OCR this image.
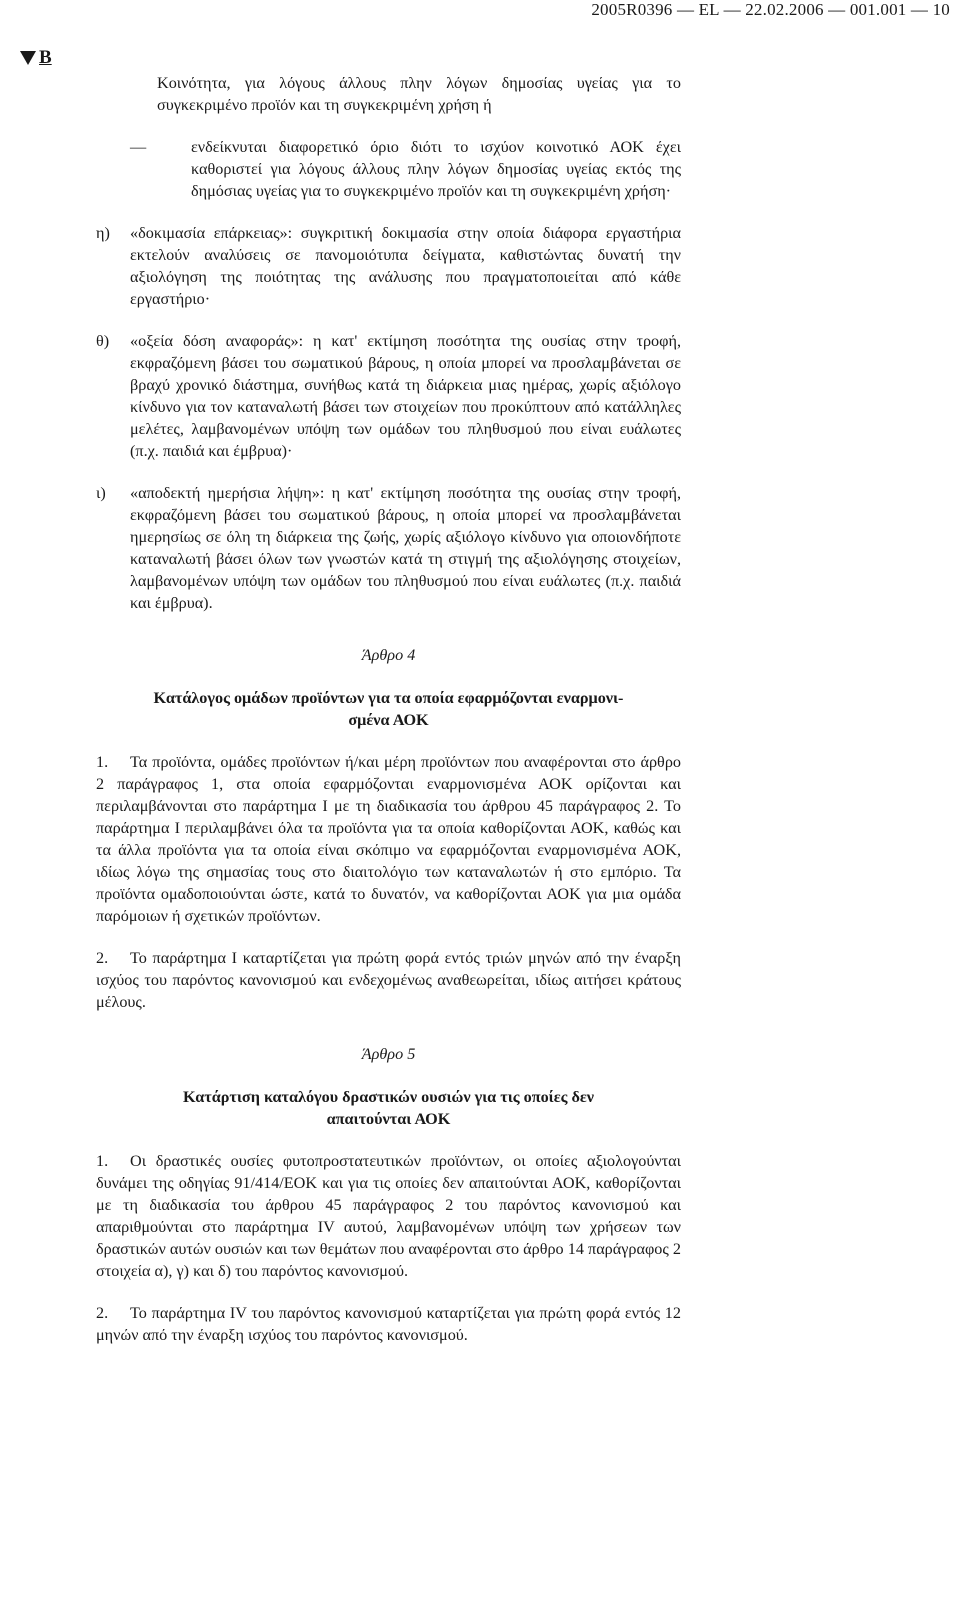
2005R0396 — EL — 22.02.2006 — 001.001 — 10
B

Κοινότητα, για λόγους άλλους πλην λόγων δημοσίας υγείας για το συγκεκριμένο προϊόν και τη συγκεκριμένη χρήση ή

—	ενδείκνυται διαφορετικό όριο διότι το ισχύον κοινοτικό ΑΟΚ έχει καθοριστεί για λόγους άλλους πλην λόγων δημοσίας υγείας εκτός της δημόσιας υγείας για το συγκεκριμένο προϊόν και τη συγκεκριμένη χρήση·
η)	«δοκιμασία επάρκειας»: συγκριτική δοκιμασία στην οποία διάφορα εργαστήρια εκτελούν αναλύσεις σε πανομοιότυπα δείγματα, καθιστώντας δυνατή την αξιολόγηση της ποιότητας της ανάλυσης που πραγματοποιείται από κάθε εργαστήριο·
θ)	«οξεία δόση αναφοράς»: η κατ' εκτίμηση ποσότητα της ουσίας στην τροφή, εκφραζόμενη βάσει του σωματικού βάρους, η οποία μπορεί να προσλαμβάνεται σε βραχύ χρονικό διάστημα, συνήθως κατά τη διάρκεια μιας ημέρας, χωρίς αξιόλογο κίνδυνο για τον καταναλωτή βάσει των στοιχείων που προκύπτουν από κατάλληλες μελέτες, λαμβανομένων υπόψη των ομάδων του πληθυσμού που είναι ευάλωτες (π.χ. παιδιά και έμβρυα)·
ι)	«αποδεκτή ημερήσια λήψη»: η κατ' εκτίμηση ποσότητα της ουσίας στην τροφή, εκφραζόμενη βάσει του σωματικού βάρους, η οποία μπορεί να προσλαμβάνεται ημερησίως σε όλη τη διάρκεια της ζωής, χωρίς αξιόλογο κίνδυνο για οποιονδήποτε καταναλωτή βάσει όλων των γνωστών κατά τη στιγμή της αξιολόγησης στοιχείων, λαμβανομένων υπόψη των ομάδων του πληθυσμού που είναι ευάλωτες (π.χ. παιδιά και έμβρυα).
Άρθρο 4
Κατάλογος ομάδων προϊόντων για τα οποία εφαρμόζονται εναρμονι-
σμένα ΑΟΚ

1. Τα προϊόντα, ομάδες προϊόντων ή/και μέρη προϊόντων που αναφέρονται στο άρθρο 2 παράγραφος 1, στα οποία εφαρμόζονται εναρμονισμένα ΑΟΚ ορίζονται και περιλαμβάνονται στο παράρτημα Ι με τη διαδικασία του άρθρου 45 παράγραφος 2. Το παράρτημα Ι περιλαμβάνει όλα τα προϊόντα για τα οποία καθορίζονται ΑΟΚ, καθώς και τα άλλα προϊόντα για τα οποία είναι σκόπιμο να εφαρμόζονται εναρμονισμένα ΑΟΚ, ιδίως λόγω της σημασίας τους στο διαιτολόγιο των καταναλωτών ή στο εμπόριο. Τα προϊόντα ομαδοποιούνται ώστε, κατά το δυνατόν, να καθορίζονται ΑΟΚ για μια ομάδα παρόμοιων ή σχετικών προϊόντων.

2. Το παράρτημα Ι καταρτίζεται για πρώτη φορά εντός τριών μηνών από την έναρξη ισχύος του παρόντος κανονισμού και ενδεχομένως αναθεωρείται, ιδίως αιτήσει κράτους μέλους.

Άρθρο 5
Κατάρτιση καταλόγου δραστικών ουσιών για τις οποίες δεν
απαιτούνται ΑΟΚ

1. Οι δραστικές ουσίες φυτοπροστατευτικών προϊόντων, οι οποίες αξιολογούνται δυνάμει της οδηγίας 91/414/ΕΟΚ και για τις οποίες δεν απαιτούνται ΑΟΚ, καθορίζονται με τη διαδικασία του άρθρου 45 παράγραφος 2 του παρόντος κανονισμού και απαριθμούνται στο παράρτημα IV αυτού, λαμβανομένων υπόψη των χρήσεων των δραστικών αυτών ουσιών και των θεμάτων που αναφέρονται στο άρθρο 14 παράγραφος 2 στοιχεία α), γ) και δ) του παρόντος κανονισμού.

2. Το παράρτημα IV του παρόντος κανονισμού καταρτίζεται για πρώτη φορά εντός 12 μηνών από την έναρξη ισχύος του παρόντος κανονισμού.
